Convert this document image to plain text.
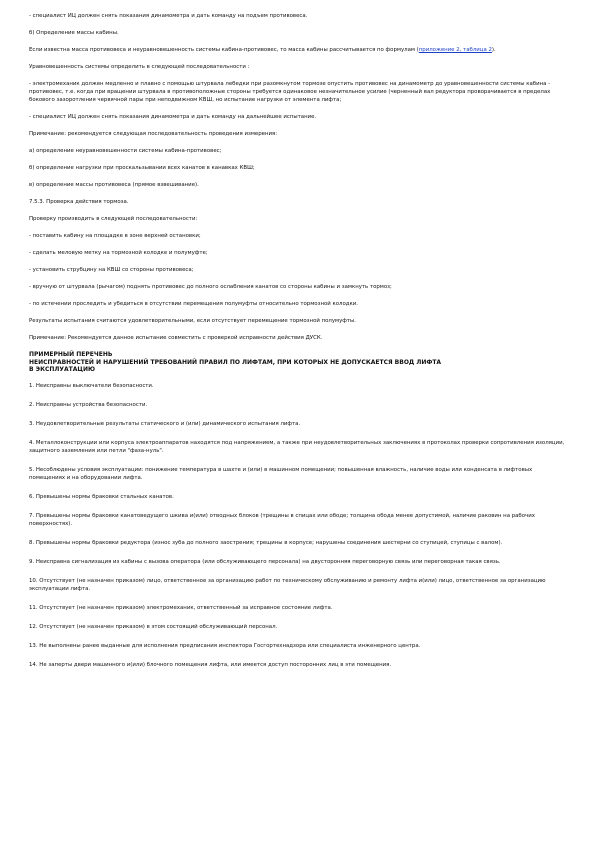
- специалист ИЦ должен снять показания динамометра и дать команду на подъем противовеса.

б) Определение массы кабины.

Если известна масса противовеса и неуравновешенность системы кабина-противовес, то масса кабины рассчитывается по формулам (приложение 2, таблица 2).

Уравновешенность системы определить в следующей последовательности :

- электромеханик должен медленно и плавно с помощью штурвала лебедки при разомкнутом тормозе опустить противовес на динамометр до уравновешенности системы кабина - противовес, т.е. когда при вращении штурвала в противоположные стороны требуется одинаковое незначительное усилие (черненный вал редуктора проворачивается в пределах бокового зазоротления червячной пары при неподвижном КВШ, но испытание нагрузки от элемента лифта;

- специалист ИЦ должен снять показания динамометра и дать команду на дальнейшее испытание.

Примечание: рекомендуется следующая последовательность проведения измерения:

а) определение неуравновешенности системы кабина-противовес;

б) определение нагрузки при проскальзывании всех канатов в канавках КВШ;

в) определение массы противовеса (прямое взвешивание).

7.5.3. Проверка действия тормоза.

Проверку производить в следующей последовательности:

- поставить кабину на площадке в зоне верхней остановки;

- сделать меловую метку на тормозной колодке и полумуфте;

- установить струбцину на КВШ со стороны противовеса;

- вручную от штурвала (рычагом) поднять противовес до полного ослабления канатов со стороны кабины и замкнуть тормоз;

- по истечении проследить и убедиться в отсутствии перемещения полумуфты относительно тормозной колодки.

Результаты испытания считаются удовлетворительными, если отсутствует перемещение тормозной полумуфты.

Примечание: Рекомендуется данное испытание совместить с проверкой исправности действия ДУСК.

ПРИМЕРНЫЙ ПЕРЕЧЕНЬ
НЕИСПРАВНОСТЕЙ И НАРУШЕНИЙ ТРЕБОВАНИЙ ПРАВИЛ ПО ЛИФТАМ, ПРИ КОТОРЫХ НЕ ДОПУСКАЕТСЯ ВВОД ЛИФТА
В ЭКСПЛУАТАЦИЮ

1. Неисправны выключатели безопасности.

2. Неисправны устройства безопасности.

3. Неудовлетворительные результаты статического и (или) динамического испытания лифта.

4. Металлоконструкции или корпуса электроаппаратов находятся под напряжением, а также при неудовлетворительных заключениях в протоколах проверки сопротивления изоляции, защитного заземления или петли "фаза-нуль".

5. Несоблюдены условия эксплуатации: понижение температура в шахте и (или) в машинном помещении; повышенная влажность, наличие воды или конденсата в лифтовых помещениях и на оборудовании лифта.

6. Превышены нормы браковки стальных канатов.

7. Превышены нормы браковки канатоведущего шкива и(или) отводных блоков (трещины в спицах или ободе; толщина обода менее допустимой, наличие раковин на рабочих поверхностях).

8. Превышены нормы браковки редуктора (износ зуба до полного заострения; трещины в корпусе; нарушены соединения шестерни со ступицей, ступицы с валом).

9. Неисправна сигнализация из кабины с вызова оператора (или обслуживающего персонала) на двусторонняя переговорную связь или переговорная такая связь.

10. Отсутствует (не назначен приказом) лицо, ответственное за организацию работ по техническому обслуживанию и ремонту лифта и(или) лицо, ответственное за организацию эксплуатации лифта.

11. Отсутствует (не назначен приказом) электромеханик, ответственный за исправное состояние лифта.

12. Отсутствует (не назначен приказом) в этом состоящий обслуживающий персонал.

13. Не выполнены ранее выданные для исполнения предписания инспектора Госгортехнадзора или специалиста инженерного центра.

14. Не заперты двери машинного и(или) блочного помещения лифта, или имеется доступ посторонних лиц в эти помещения.
